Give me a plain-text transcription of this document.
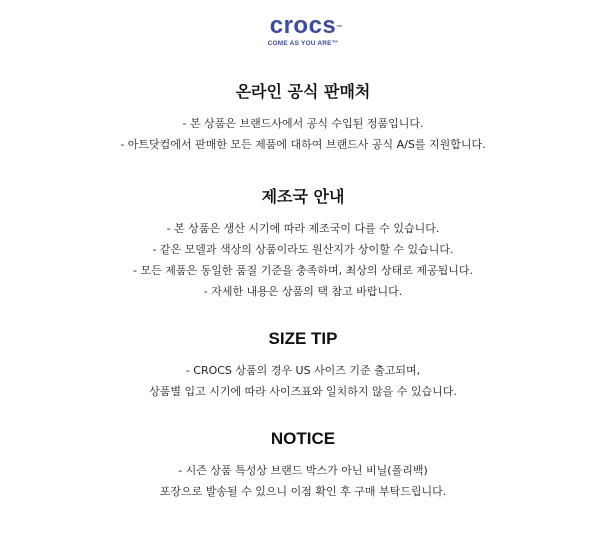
crocs ™
COME AS YOU ARE™
온라인 공식 판매처
- 본 상품은 브랜드사에서 공식 수입된 정품입니다.
- 아트닷컴에서 판매한 모든 제품에 대하여 브랜드사 공식 A/S를 지원합니다.
제조국 안내
- 본 상품은 생산 시기에 따라 제조국이 다를 수 있습니다.
- 같은 모델과 색상의 상품이라도 원산지가 상이할 수 있습니다.
- 모든 제품은 동일한 품질 기준을 충족하며, 최상의 상태로 제공됩니다.
- 자세한 내용은 상품의 택 참고 바랍니다.
SIZE TIP
- CROCS 상품의 경우 US 사이즈 기준 출고되며,
상품별 입고 시기에 따라 사이즈표와 일치하지 않을 수 있습니다.
NOTICE
- 시즌 상품 특성상 브랜드 박스가 아닌 비닐(폴리백)
포장으로 발송될 수 있으니 이점 확인 후 구매 부탁드립니다.
